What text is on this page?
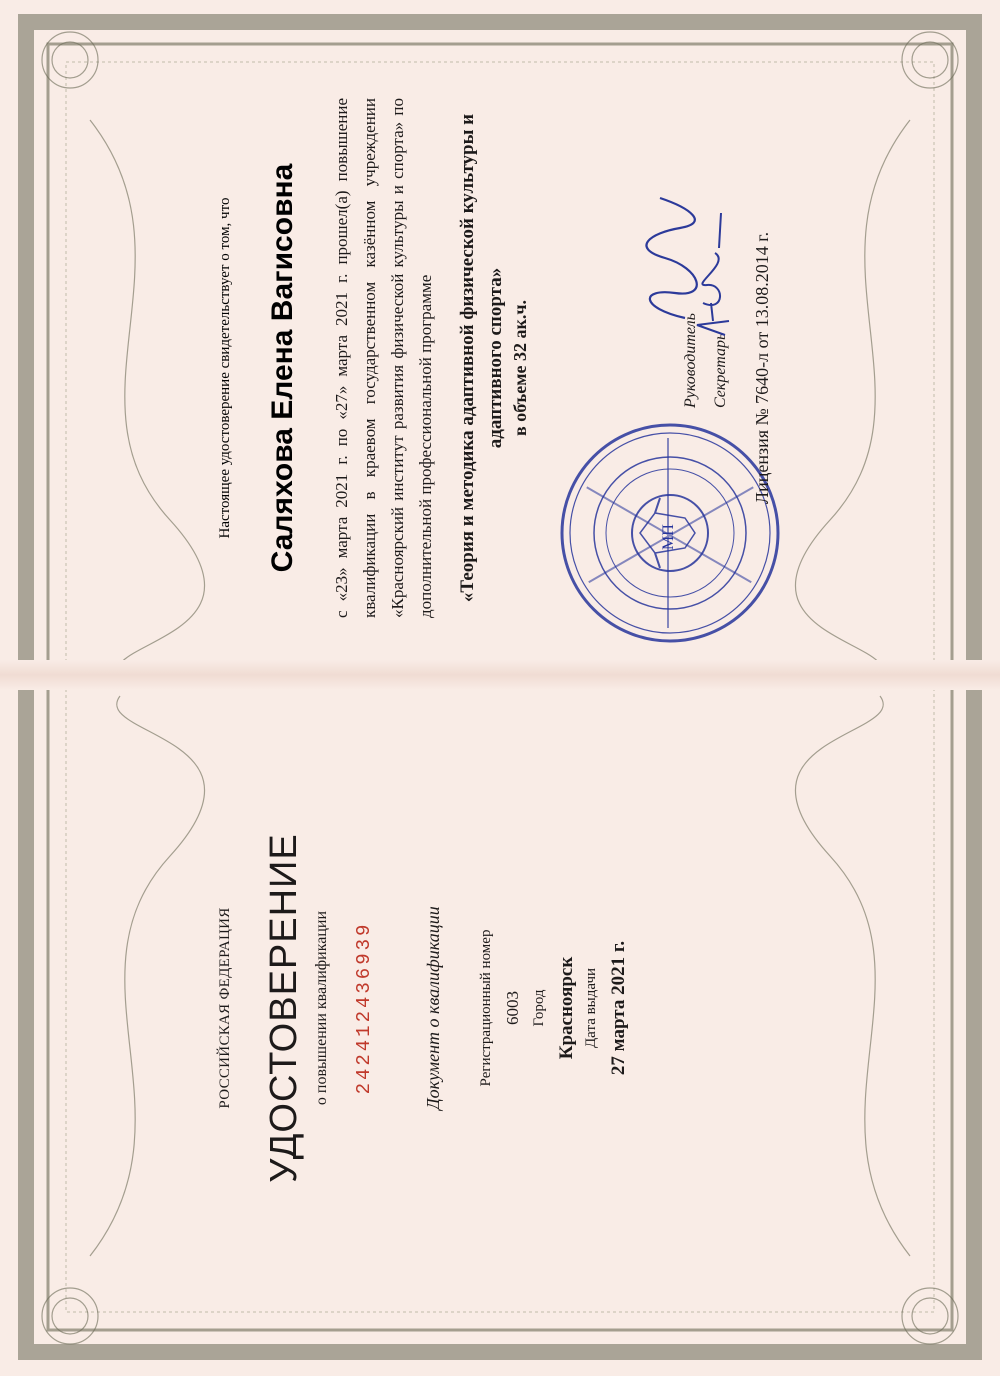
РОССИЙСКАЯ ФЕДЕРАЦИЯ УДОСТОВЕРЕНИЕ о повышении квалификации 242412436939	Документ о квалификации Регистрационный номер 6003 Город Красноярск Дата выдачи 27 марта 2021 г.
Настоящее удостоверение свидетельствует о том, что Саляхова Елена Вагисовна с «23» марта 2021 г. по «27» марта 2021 г. прошел(а) повышение квалификации в краевом государственном казённом учреждении «Красноярский институт развития физической культуры и спорта» по дополнительной профессиональной программе «Теория и методика адаптивной физической культуры и адаптивного спорта» в объеме 32 ак.ч.
МП
Руководитель Секретарь Лицензия № 7640-л от 13.08.2014 г.
